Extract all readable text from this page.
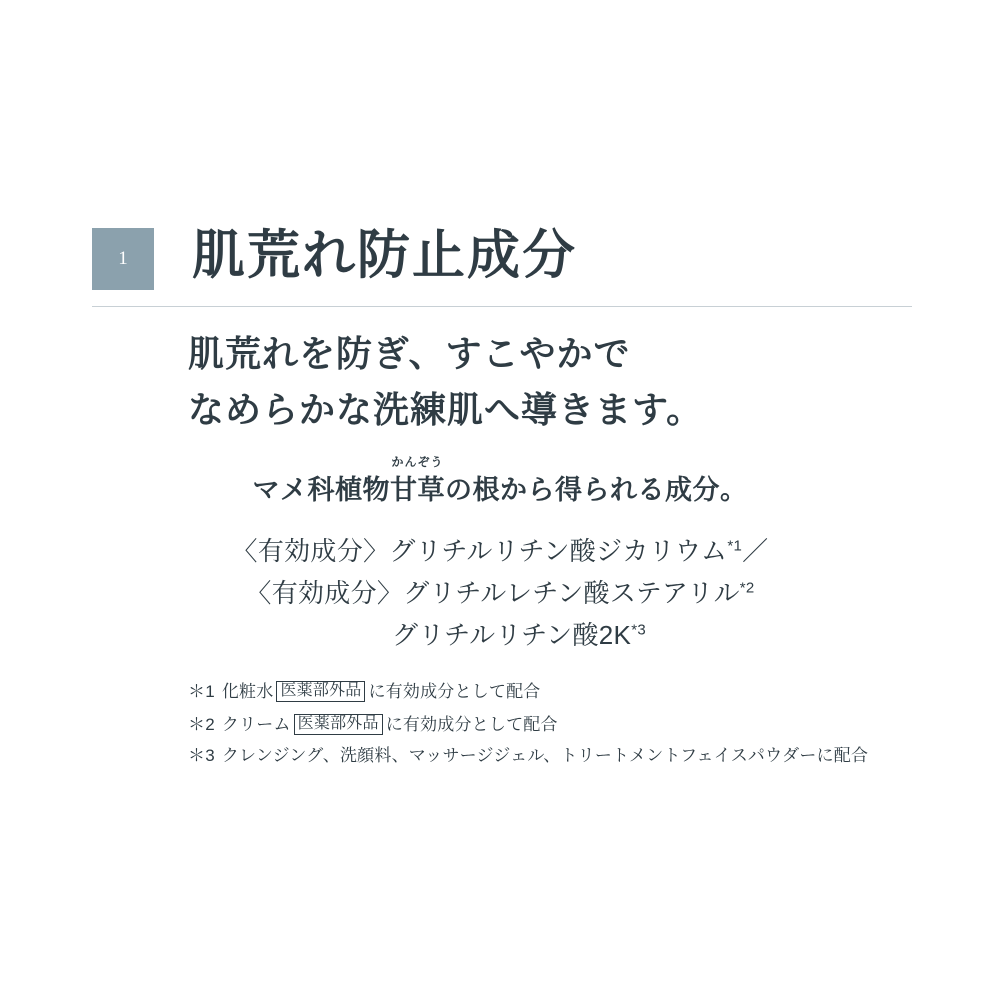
1	肌荒れ防止成分
肌荒れを防ぎ、すこやかで
なめらかな洗練肌へ導きます。
マメ科植物
かんぞう
甘草の根から得られる成分。
〈有効成分〉グリチルリチン酸ジカリウム$^{*1}$／
〈有効成分〉グリチルレチン酸ステアリル$^{*2}$
グリチルリチン酸$2K^{*3}$
＊1 化粧水 医薬部外品 に有効成分として配合
＊2 クリーム 医薬部外品 に有効成分として配合
＊3 クレンジング、洗顔料、マッサージジェル、トリートメントフェイスパウダーに配合
